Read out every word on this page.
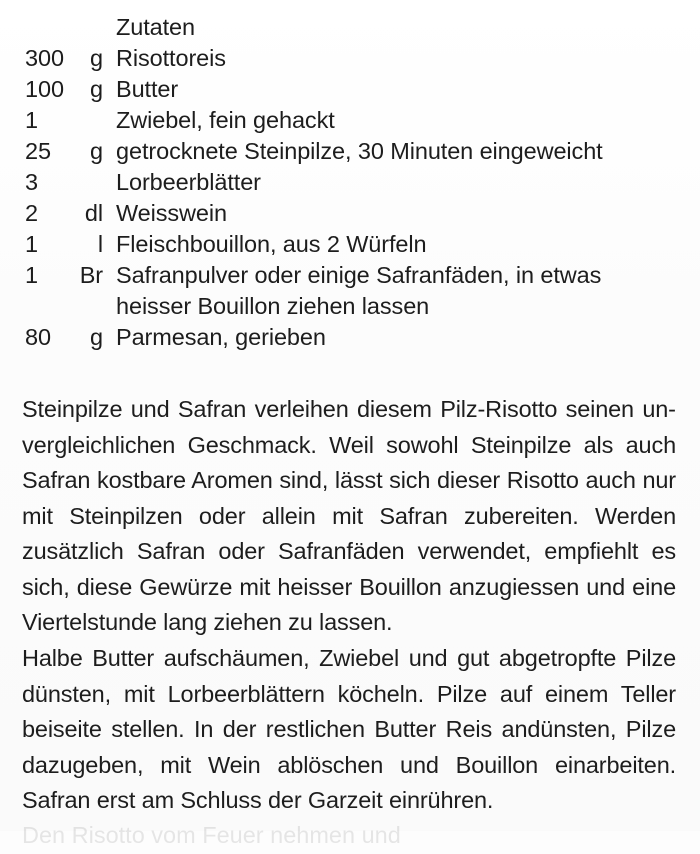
		Zutaten
300	g	Risottoreis
100	g	Butter
1		Zwiebel, fein gehackt
25	g	getrocknete Steinpilze, 30 Minuten eingeweicht
3		Lorbeerblätter
2	dl	Weisswein
1	l	Fleischbouillon, aus 2 Würfeln
1	Br	Safranpulver oder einige Safranfäden, in etwas
heisser Bouillon ziehen lassen

80	g	Parmesan, gerieben

Steinpilze und Safran verleihen diesem Pilz-Risotto seinen unvergleichlichen Geschmack. Weil sowohl Steinpilze als auch Safran kostbare Aromen sind, lässt sich dieser Risotto auch nur mit Steinpilzen oder allein mit Safran zubereiten. Werden zusätzlich Safran oder Safranfäden verwendet, empfiehlt es sich, diese Gewürze mit heisser Bouillon anzugiessen und eine Viertelstunde lang ziehen zu lassen.

Halbe Butter aufschäumen, Zwiebel und gut abgetropfte Pilze dünsten, mit Lorbeerblättern köcheln. Pilze auf einem Teller beiseite stellen. In der restlichen Butter Reis andünsten, Pilze dazugeben, mit Wein ablöschen und Bouillon einarbeiten. Safran erst am Schluss der Garzeit einrühren.

Den Risotto vom Feuer nehmen und
